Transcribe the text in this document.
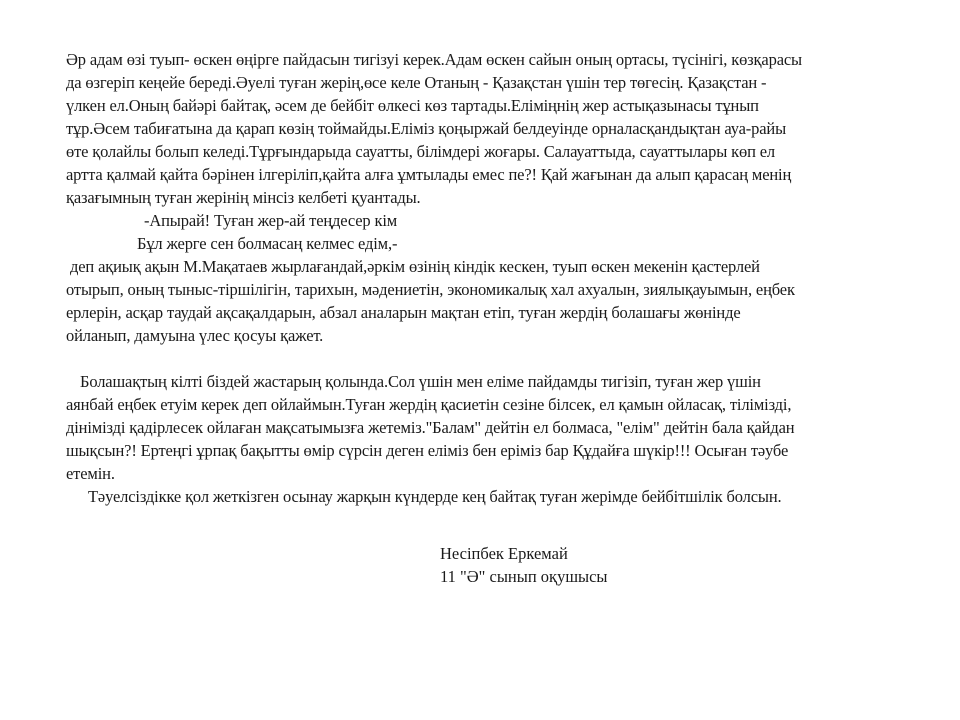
Әр адам өзі туып- өскен өңірге пайдасын тигізуі керек.Адам өскен сайын оның ортасы, түсінігі, көзқарасы
да өзгеріп кеңейе береді.Әуелі туған жерің,өсе келе Отаның - Қазақстан үшін тер төгесің. Қазақстан -
үлкен ел.Оның байәрі байтақ, әсем де бейбіт өлкесі көз тартады.Еліміңнің жер астықазынасы тұнып
тұр.Әсем табиғатына да қарап көзің тоймайды.Еліміз қоңыржай белдеуінде орналасқандықтан ауа-райы
өте қолайлы болып келеді.Тұрғындарыда сауатты, білімдері жоғары. Салауаттыда, сауаттылары көп ел
артта қалмай қайта бәрінен ілгеріліп,қайта алға ұмтылады емес пе?! Қай жағынан да алып қарасаң менің
қазағымның туған жерінің мінсіз келбеті қуантады.
-Апырай! Туған жер-ай теңдесер кім
Бұл жерге сен болмасаң келмес едім,-
деп ақиық ақын М.Мақатаев жырлағандай,әркім өзінің кіндік кескен, туып өскен мекенін қастерлей
отырып, оның тыныс-тіршілігін, тарихын, мәдениетін, экономикалық хал ахуалын, зиялықауымын, еңбек
ерлерін, асқар таудай ақсақалдарын, абзал аналарын мақтан етіп, туған жердің болашағы жөнінде
ойланып, дамуына үлес қосуы қажет.
Болашақтың кілті біздей жастарың қолында.Сол үшін мен еліме пайдамды тигізіп, туған жер үшін
аянбай еңбек етуім керек деп ойлаймын.Туған жердің қасиетін сезіне білсек, ел қамын ойласақ, тілімізді,
дінімізді қадірлесек ойлаған мақсатымызға жетеміз."Балам" дейтін ел болмаса, "елім" дейтін бала қайдан
шықсын?! Ертеңгі ұрпақ бақытты өмір сүрсін деген еліміз бен еріміз бар Құдайға шүкір!!! Осыған тәубе
етемін.
Тәуелсіздікке қол жеткізген осынау жарқын күндерде кең байтақ туған жерімде бейбітшілік болсын.
Несіпбек Еркемай
11 "Ә" сынып оқушысы
